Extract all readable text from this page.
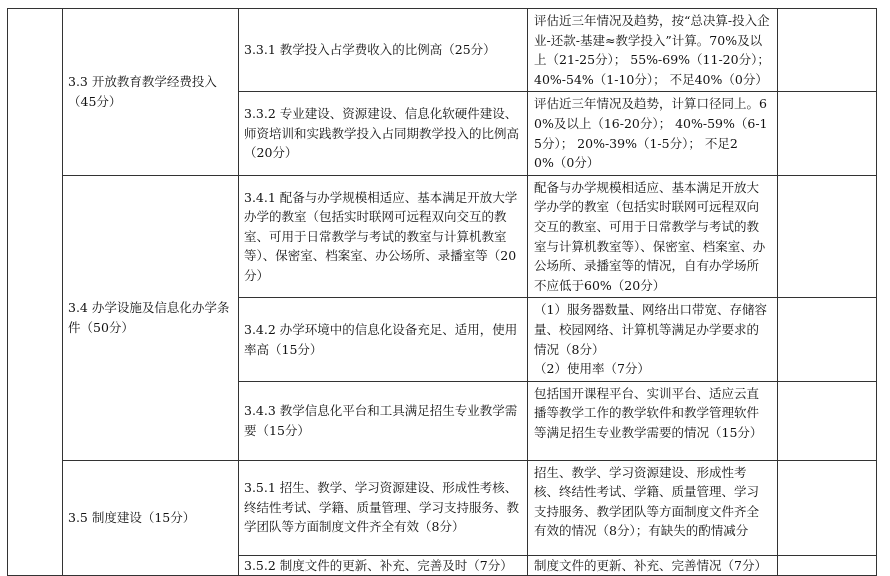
	3.3 开放教育教学经费投入（45分）	3.3.1 教学投入占学费收入的比例高（25分）	评估近三年情况及趋势，按“总决算-投入企业-还款-基建≈教学投入”计算。70%及以上（21-25分）； 55%-69%（11-20分）；40%-54%（1-10分）； 不足40%（0分）	

		3.3.2 专业建设、资源建设、信息化软硬件建设、师资培训和实践教学投入占同期教学投入的比例高（20分）	评估近三年情况及趋势，计算口径同上。60%及以上（16-20分）； 40%-59%（6-15分）； 20%-39%（1-5分）； 不足20%（0分）	

	3.4 办学设施及信息化办学条件（50分）	3.4.1 配备与办学规模相适应、基本满足开放大学办学的教室（包括实时联网可远程双向交互的教室、可用于日常教学与考试的教室与计算机教室等）、保密室、档案室、办公场所、录播室等（20分）	配备与办学规模相适应、基本满足开放大学办学的教室（包括实时联网可远程双向交互的教室、可用于日常教学与考试的教室与计算机教室等）、保密室、档案室、办公场所、录播室等的情况，自有办学场所不应低于60%（20分）	

		3.4.2 办学环境中的信息化设备充足、适用，使用率高（15分）	（1）服务器数量、网络出口带宽、存储容量、校园网络、计算机等满足办学要求的情况（8分）

（2）使用率（7分）	

		3.4.3 教学信息化平台和工具满足招生专业教学需要（15分）	包括国开课程平台、实训平台、适应云直播等教学工作的教学软件和教学管理软件等满足招生专业教学需要的情况（15分）	

	3.5 制度建设（15分）	3.5.1 招生、教学、学习资源建设、形成性考核、终结性考试、学籍、质量管理、学习支持服务、教学团队等方面制度文件齐全有效（8分）	招生、教学、学习资源建设、形成性考核、终结性考试、学籍、质量管理、学习支持服务、教学团队等方面制度文件齐全有效的情况（8分）；有缺失的酌情减分	

		3.5.2 制度文件的更新、补充、完善及时（7分）	制度文件的更新、补充、完善情况（7分）	
